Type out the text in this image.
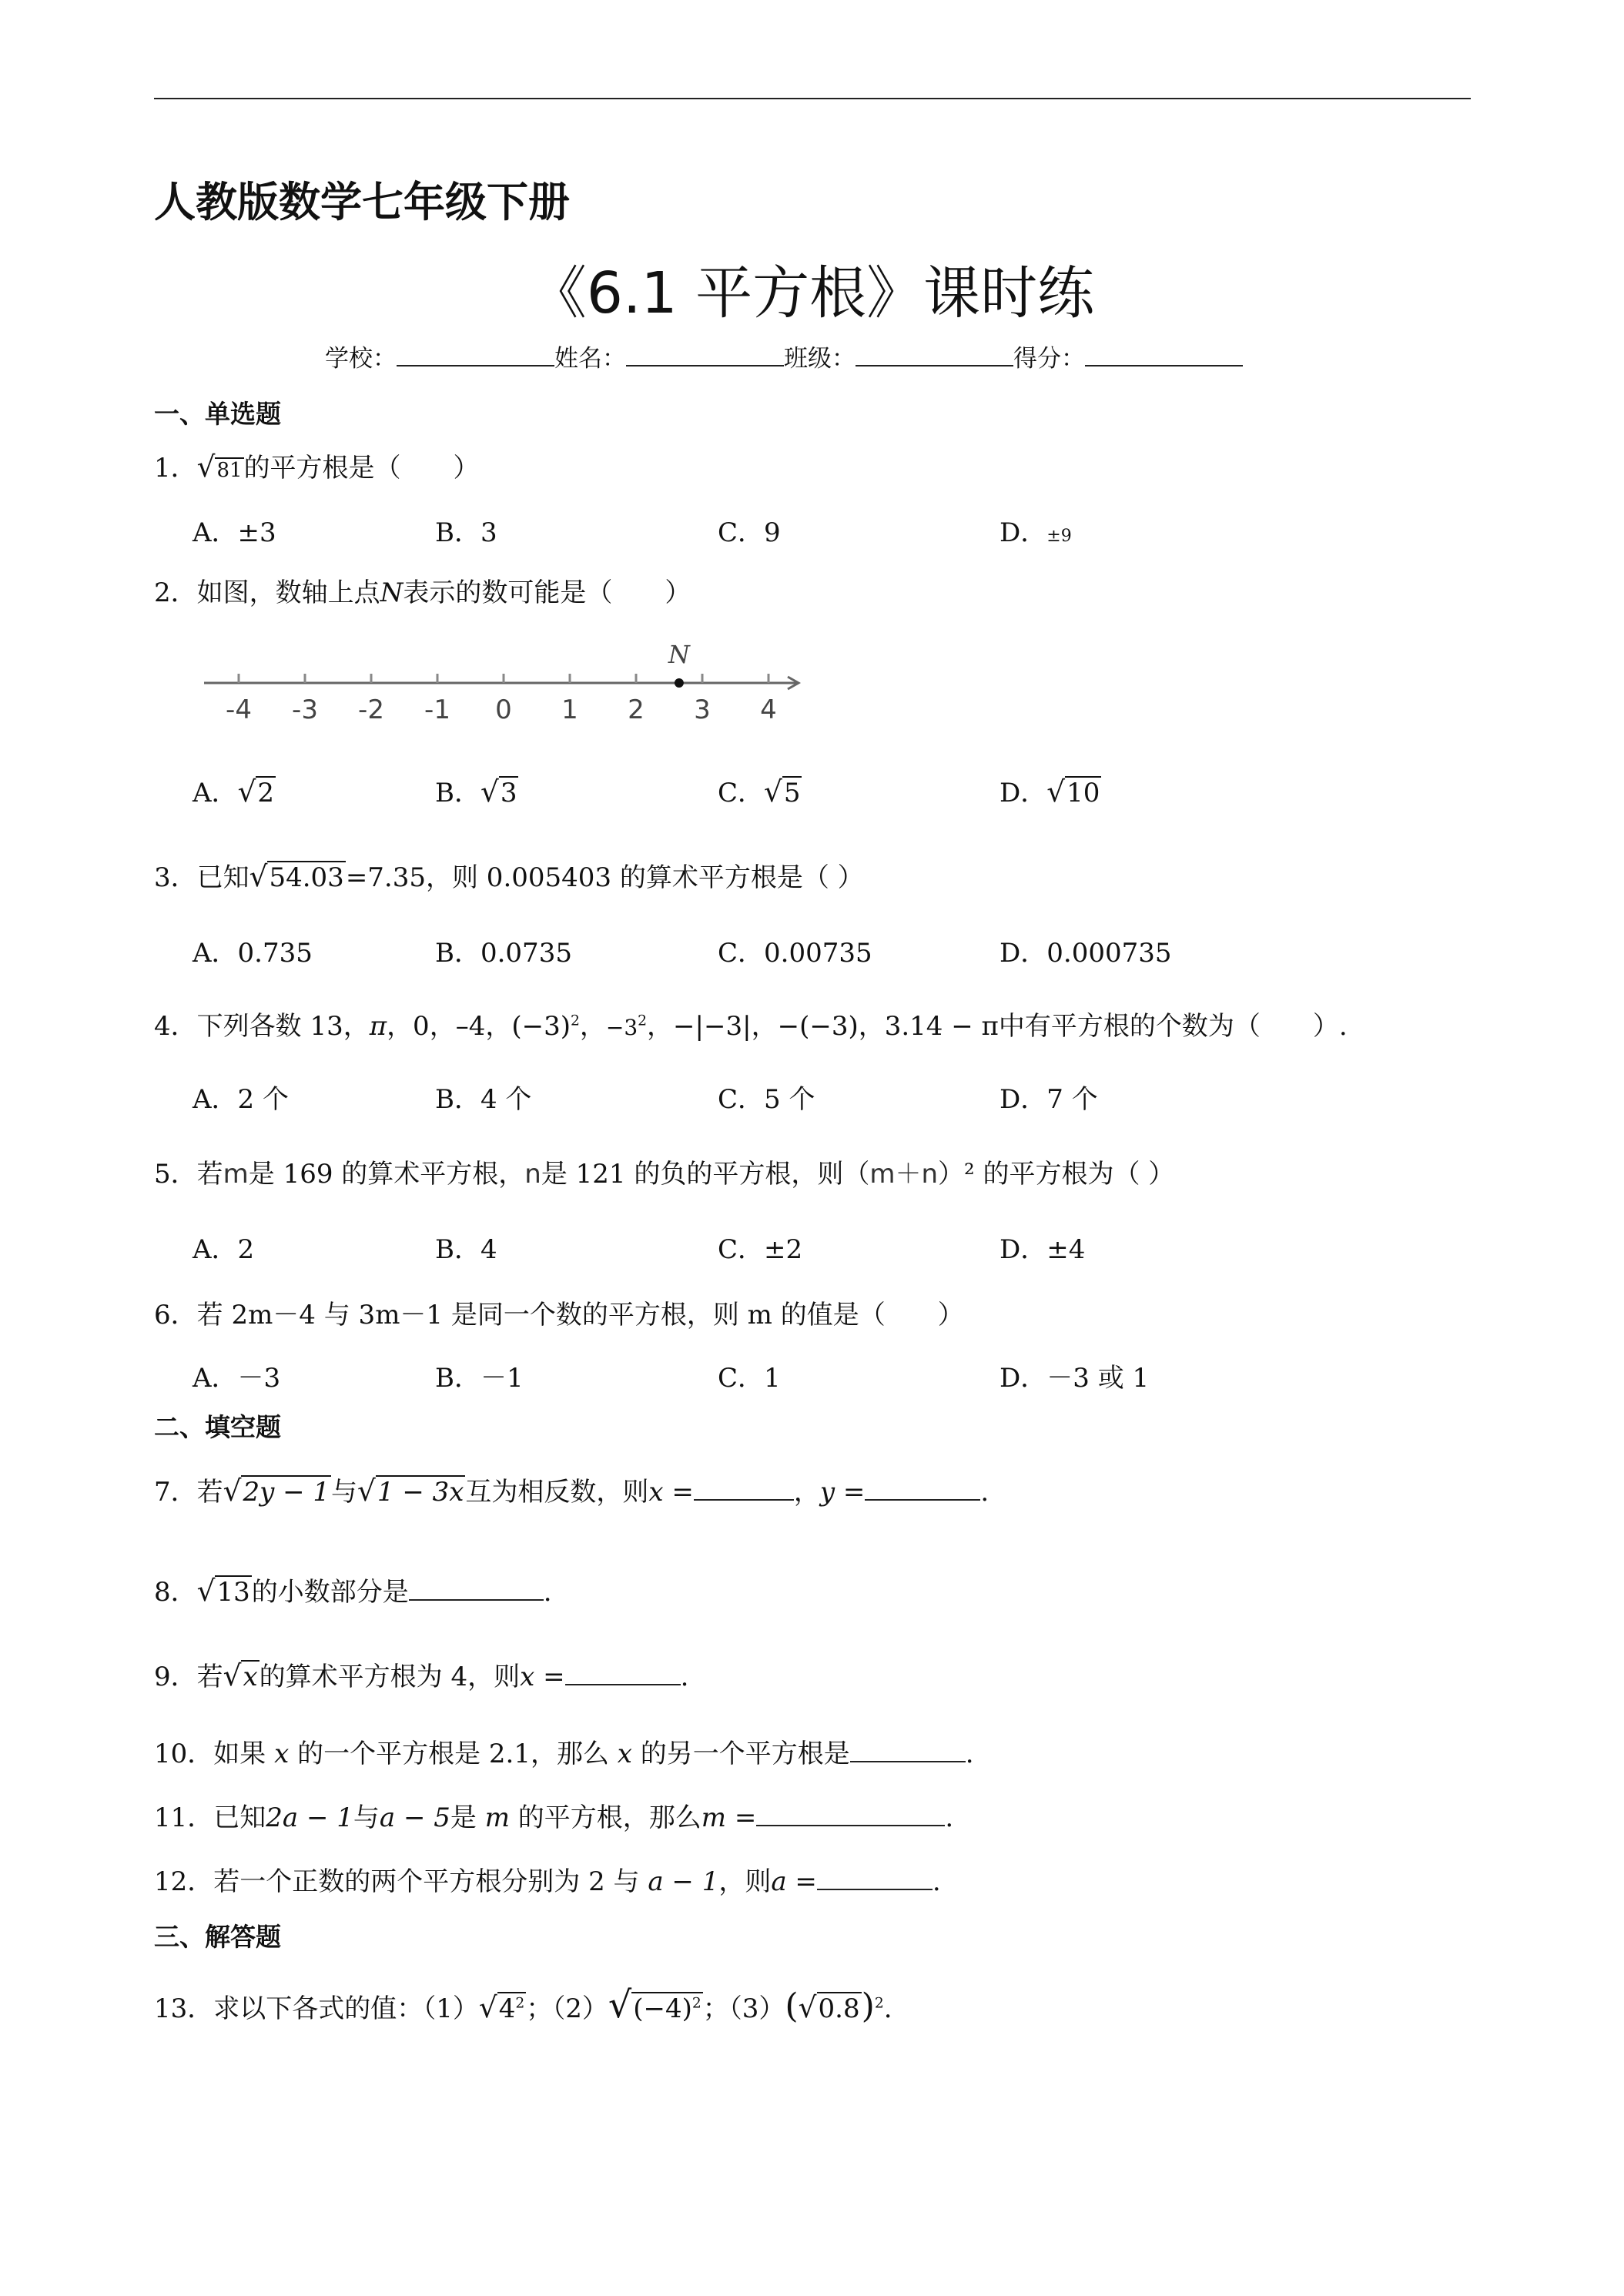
人教版数学七年级下册
《6.1 平方根》课时练
学校：	姓名：	班级：	得分：
一、单选题
1．√81的平方根是（　　）
A．±3	B．3	C．9	D．±9
2．如图，数轴上点N表示的数可能是（　　）
-4 -3 -2 -1 0 1 2 3 4
N
A．√2	B．√3	C．√5	D．√10
3．已知√54.03=7.35，则 0.005403 的算术平方根是（ ）
A．0.735	B．0.0735	C．0.00735	D．0.000735
4．下列各数 13，π，0，–4，$(-3)^2$，$-3^2$，−|−3|，−(−3)，3.14 − π中有平方根的个数为（　　）.
A．2 个	B．4 个	C．5 个	D．7 个
5．若m是 169 的算术平方根，n是 121 的负的平方根，则（m＋n）² 的平方根为（ ）
A．2	B．4	C．±2	D．±4
6．若 2m－4 与 3m－1 是同一个数的平方根，则 m 的值是（　　）
A．－3	B．－1	C．1	D．－3 或 1
二、填空题
7．若√2y − 1与√1 − 3x互为相反数，则x =	，y =	.
8．√13的小数部分是	.
9．若√x的算术平方根为 4，则x =	.
10．如果 x 的一个平方根是 2.1，那么 x 的另一个平方根是	.
11．已知2a − 1与a − 5是 m 的平方根，那么m =	.
12．若一个正数的两个平方根分别为 2 与 a − 1，则a =	.
三、解答题
13．求以下各式的值：$(1)√4^2$；$(2)√(-4)^2$；$(3)(√0.8)^2$.
